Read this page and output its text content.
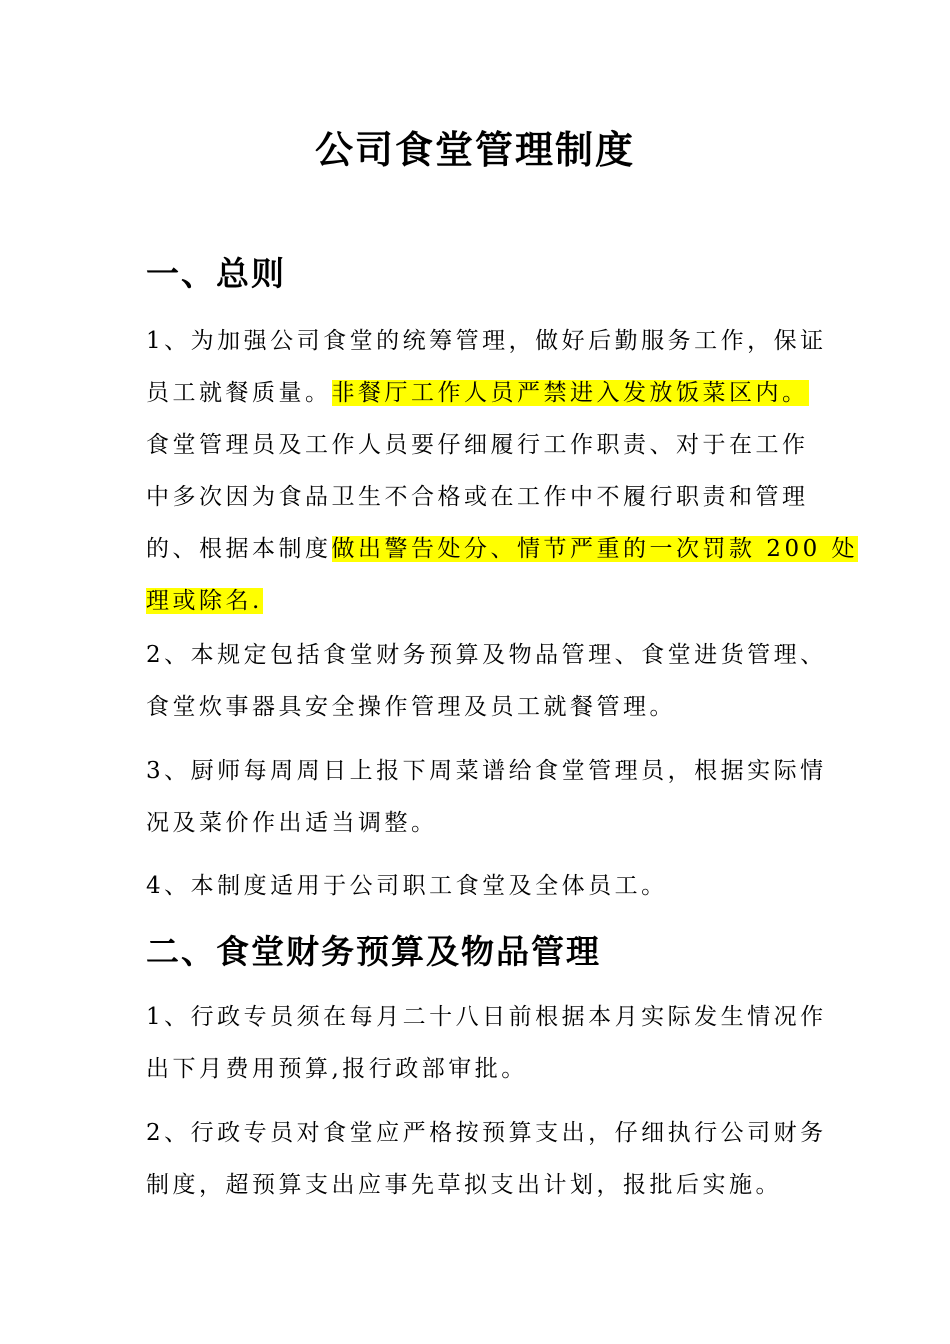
公司食堂管理制度
一、总则
1、为加强公司食堂的统筹管理，做好后勤服务工作，保证
员工就餐质量。非餐厅工作人员严禁进入发放饭菜区内。
食堂管理员及工作人员要仔细履行工作职责、对于在工作
中多次因为食品卫生不合格或在工作中不履行职责和管理
的、根据本制度做出警告处分、情节严重的一次罚款 200 处
理或除名.
2、本规定包括食堂财务预算及物品管理、食堂进货管理、
食堂炊事器具安全操作管理及员工就餐管理。
3、厨师每周周日上报下周菜谱给食堂管理员，根据实际情
况及菜价作出适当调整。
4、本制度适用于公司职工食堂及全体员工。
二、食堂财务预算及物品管理
1、行政专员须在每月二十八日前根据本月实际发生情况作
出下月费用预算,报行政部审批。
2、行政专员对食堂应严格按预算支出，仔细执行公司财务
制度，超预算支出应事先草拟支出计划，报批后实施。
